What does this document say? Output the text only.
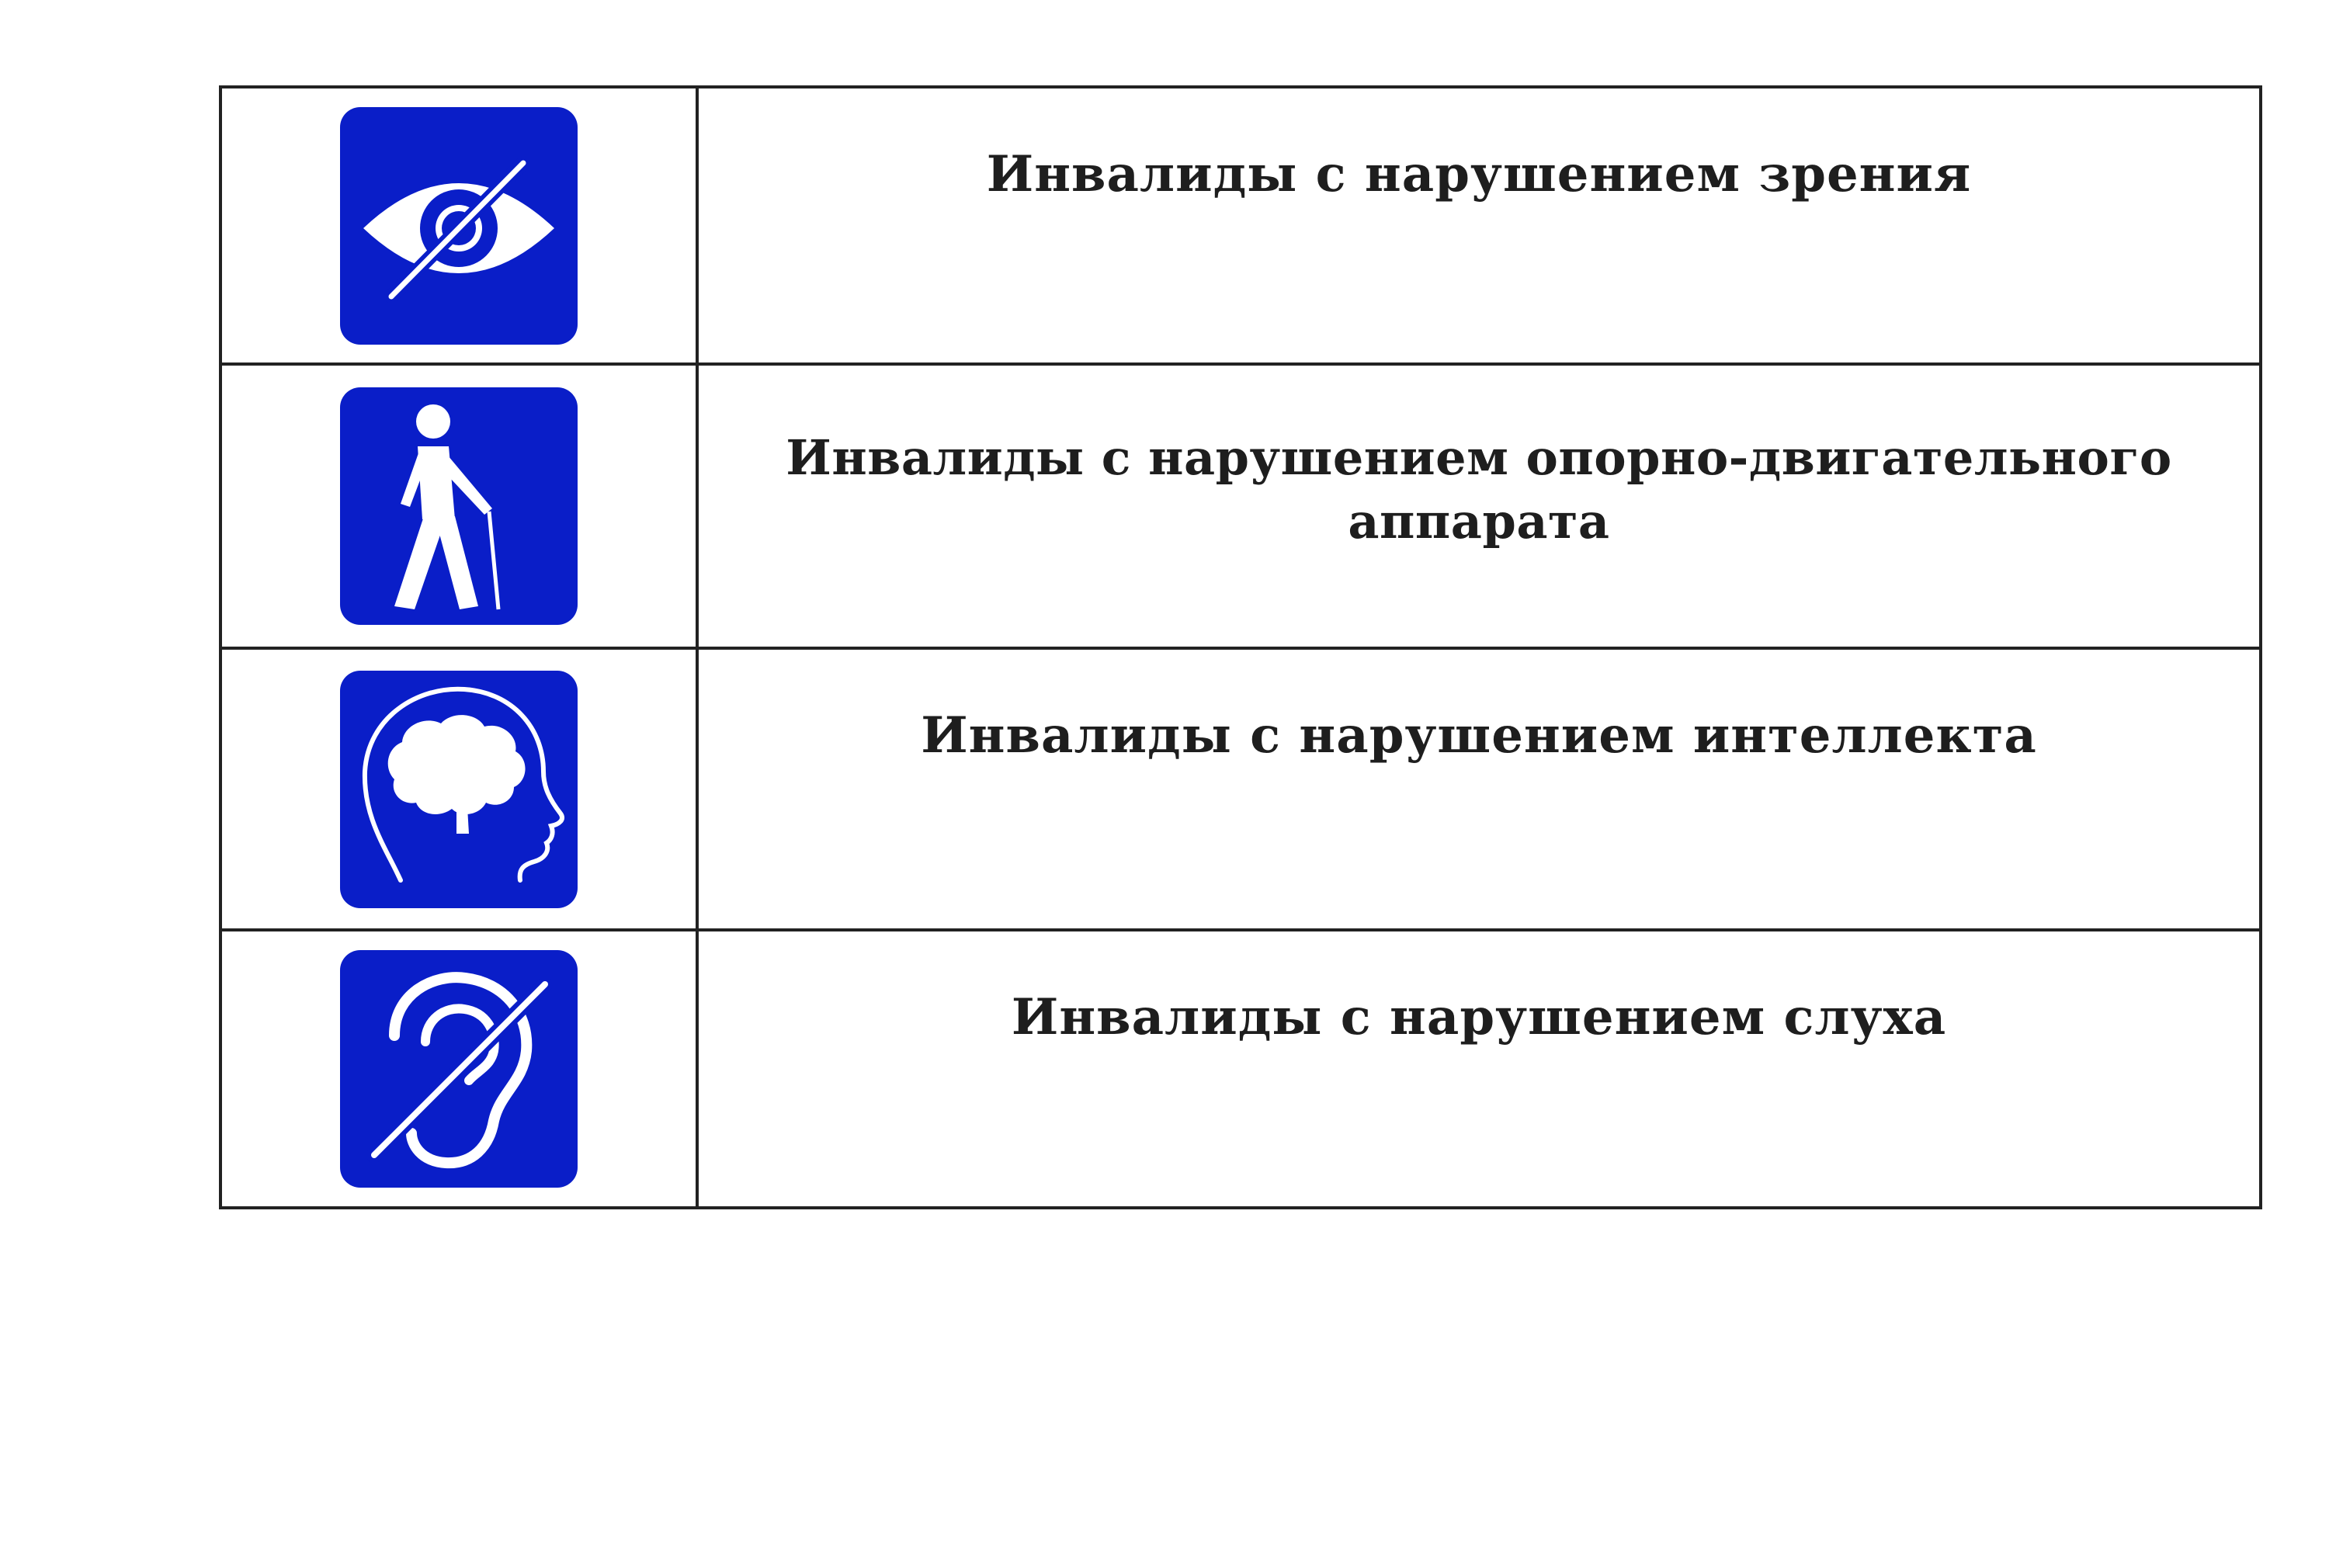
Инвалиды с нарушением зрения
Инвалиды с нарушением опорно-двигательного
аппарата
Инвалиды с нарушением интеллекта
Инвалиды с нарушением слуха
